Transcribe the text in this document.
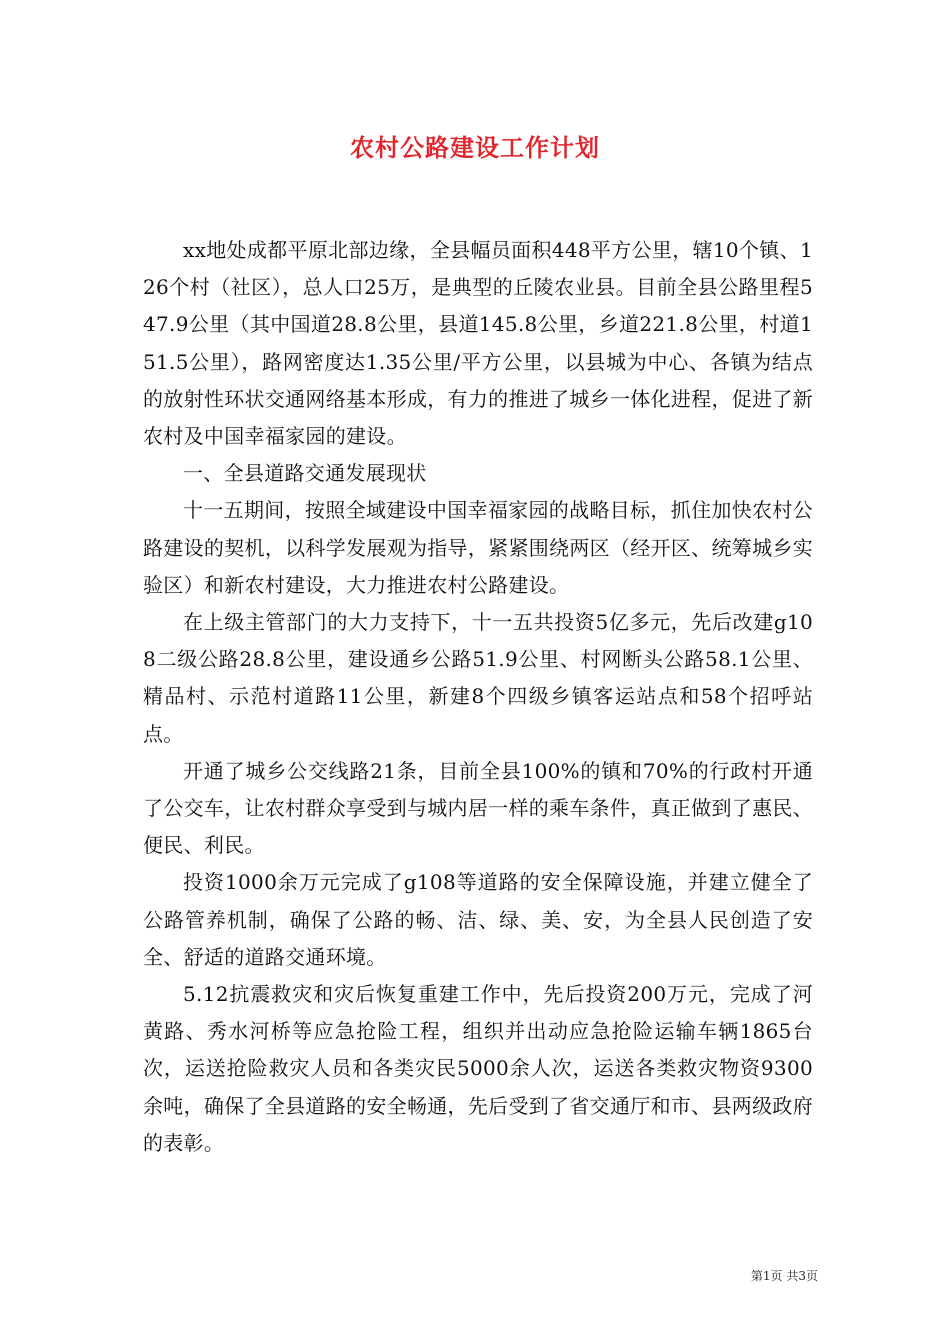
农村公路建设工作计划

xx地处成都平原北部边缘，全县幅员面积448平方公里，辖10个镇、126个村（社区），总人口25万，是典型的丘陵农业县。目前全县公路里程547.9公里（其中国道28.8公里，县道145.8公里，乡道221.8公里，村道151.5公里），路网密度达1.35公里/平方公里，以县城为中心、各镇为结点的放射性环状交通网络基本形成，有力的推进了城乡一体化进程，促进了新农村及中国幸福家园的建设。

一、全县道路交通发展现状

十一五期间，按照全域建设中国幸福家园的战略目标，抓住加快农村公路建设的契机，以科学发展观为指导，紧紧围绕两区（经开区、统筹城乡实验区）和新农村建设，大力推进农村公路建设。

在上级主管部门的大力支持下，十一五共投资5亿多元，先后改建g108二级公路28.8公里，建设通乡公路51.9公里、村网断头公路58.1公里、精品村、示范村道路11公里，新建8个四级乡镇客运站点和58个招呼站点。

开通了城乡公交线路21条，目前全县100%的镇和70%的行政村开通了公交车，让农村群众享受到与城内居一样的乘车条件，真正做到了惠民、便民、利民。

投资1000余万元完成了g108等道路的安全保障设施，并建立健全了公路管养机制，确保了公路的畅、洁、绿、美、安，为全县人民创造了安全、舒适的道路交通环境。

5.12抗震救灾和灾后恢复重建工作中，先后投资200万元，完成了河黄路、秀水河桥等应急抢险工程，组织并出动应急抢险运输车辆1865台次，运送抢险救灾人员和各类灾民5000余人次，运送各类救灾物资9300余吨，确保了全县道路的安全畅通，先后受到了省交通厅和市、县两级政府的表彰。

第1页 共3页
